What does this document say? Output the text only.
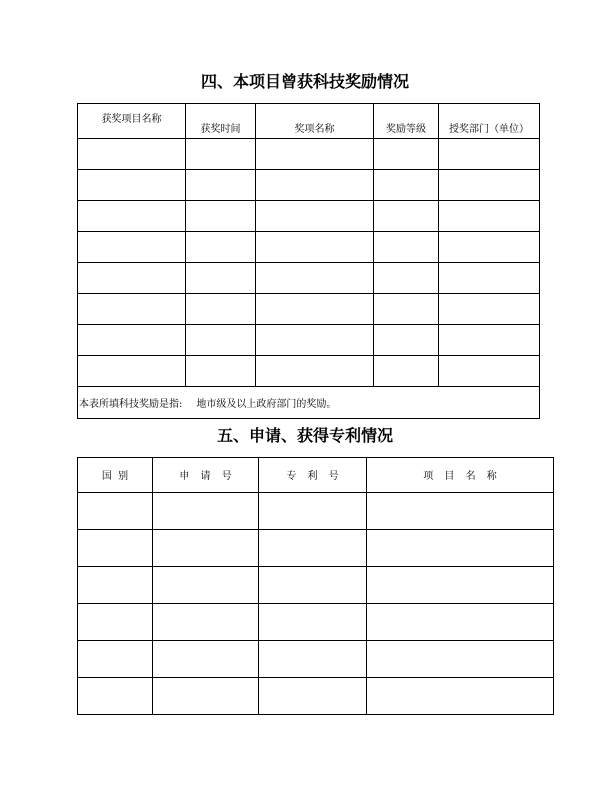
四、本项目曾获科技奖励情况
获奖项目名称	获奖时间	奖项名称	奖励等级	授奖部门（单位）

本表所填科技奖励是指: 地市级及以上政府部门的奖励。				
五、申请、获得专利情况
国  别	申 请 号	专 利 号	项 目 名 称
